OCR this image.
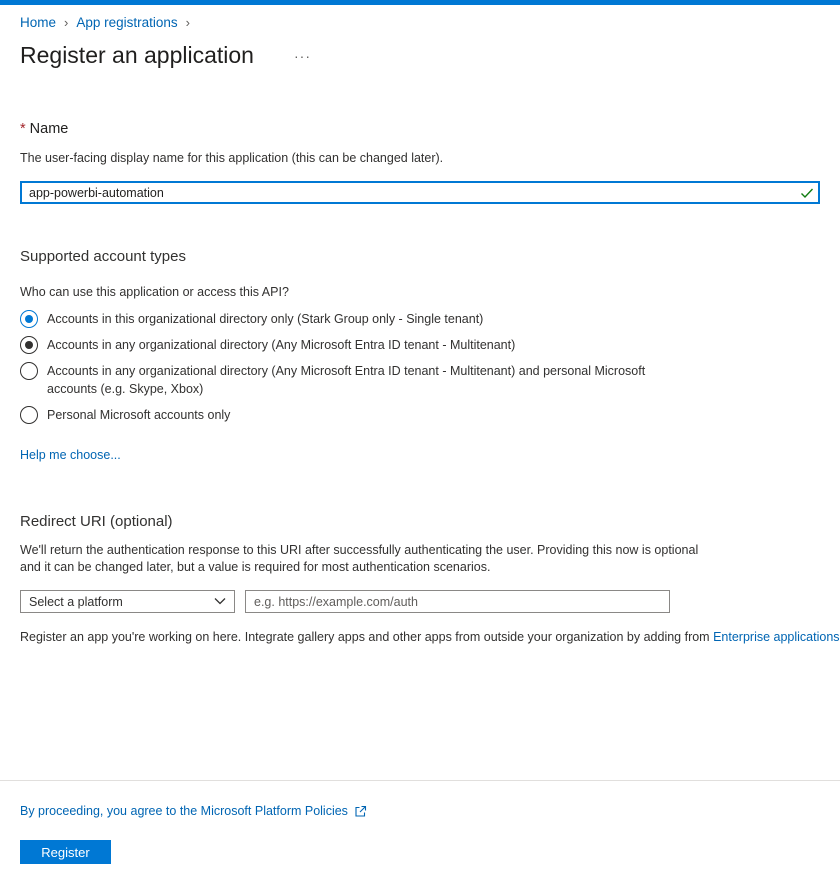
Home › App registrations ›
Register an application	···
* Name
The user-facing display name for this application (this can be changed later).
app-powerbi-automation
Supported account types
Who can use this application or access this API?
Accounts in this organizational directory only (Stark Group only - Single tenant)
Accounts in any organizational directory (Any Microsoft Entra ID tenant - Multitenant)
Accounts in any organizational directory (Any Microsoft Entra ID tenant - Multitenant) and personal Microsoft accounts (e.g. Skype, Xbox)
Personal Microsoft accounts only
Help me choose...
Redirect URI (optional)
We'll return the authentication response to this URI after successfully authenticating the user. Providing this now is optional and it can be changed later, but a value is required for most authentication scenarios.
Select a platform
e.g. https://example.com/auth
Register an app you're working on here. Integrate gallery apps and other apps from outside your organization by adding from Enterprise applications
By proceeding, you agree to the Microsoft Platform Policies
Register
